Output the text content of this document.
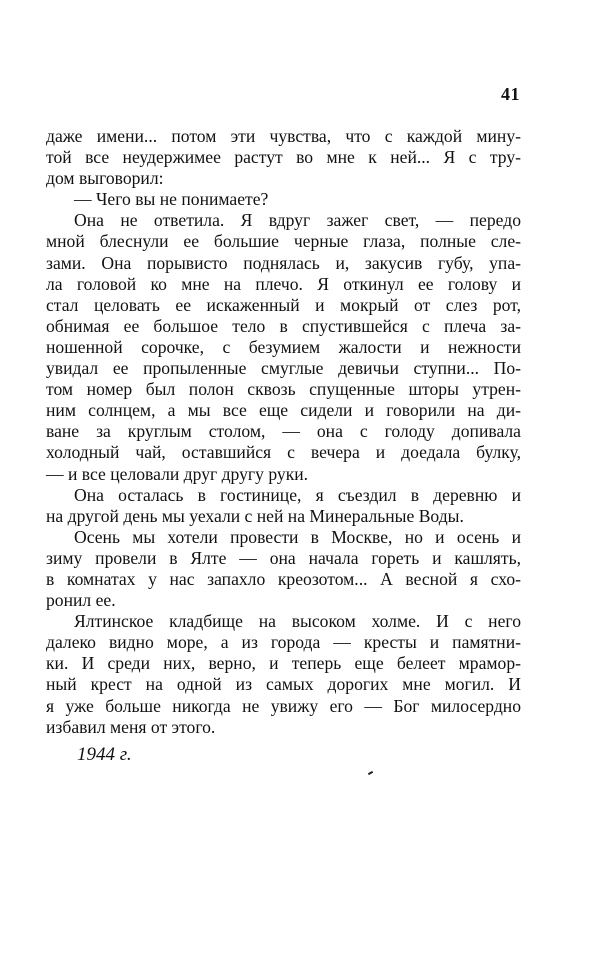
41
даже имени... потом эти чувства, что с каждой мину-
той все неудержимее растут во мне к ней... Я с тру-
дом выговорил:
— Чего вы не понимаете?
Она не ответила. Я вдруг зажег свет, — передо
мной блеснули ее большие черные глаза, полные сле-
зами. Она порывисто поднялась и, закусив губу, упа-
ла головой ко мне на плечо. Я откинул ее голову и
стал целовать ее искаженный и мокрый от слез рот,
обнимая ее большое тело в спустившейся с плеча за-
ношенной сорочке, с безумием жалости и нежности
увидал ее пропыленные смуглые девичьи ступни... По-
том номер был полон сквозь спущенные шторы утрен-
ним солнцем, а мы все еще сидели и говорили на ди-
ване за круглым столом, — она с голоду допивала
холодный чай, оставшийся с вечера и доедала булку,
— и все целовали друг другу руки.
Она осталась в гостинице, я съездил в деревню и
на другой день мы уехали с ней на Минеральные Воды.
Осень мы хотели провести в Москве, но и осень и
зиму провели в Ялте — она начала гореть и кашлять,
в комнатах у нас запахло креозотом... А весной я схо-
ронил ее.
Ялтинское кладбище на высоком холме. И с него
далеко видно море, а из города — кресты и памятни-
ки. И среди них, верно, и теперь еще белеет мрамор-
ный крест на одной из самых дорогих мне могил. И
я уже больше никогда не увижу его — Бог милосердно
избавил меня от этого.
1944 г.
